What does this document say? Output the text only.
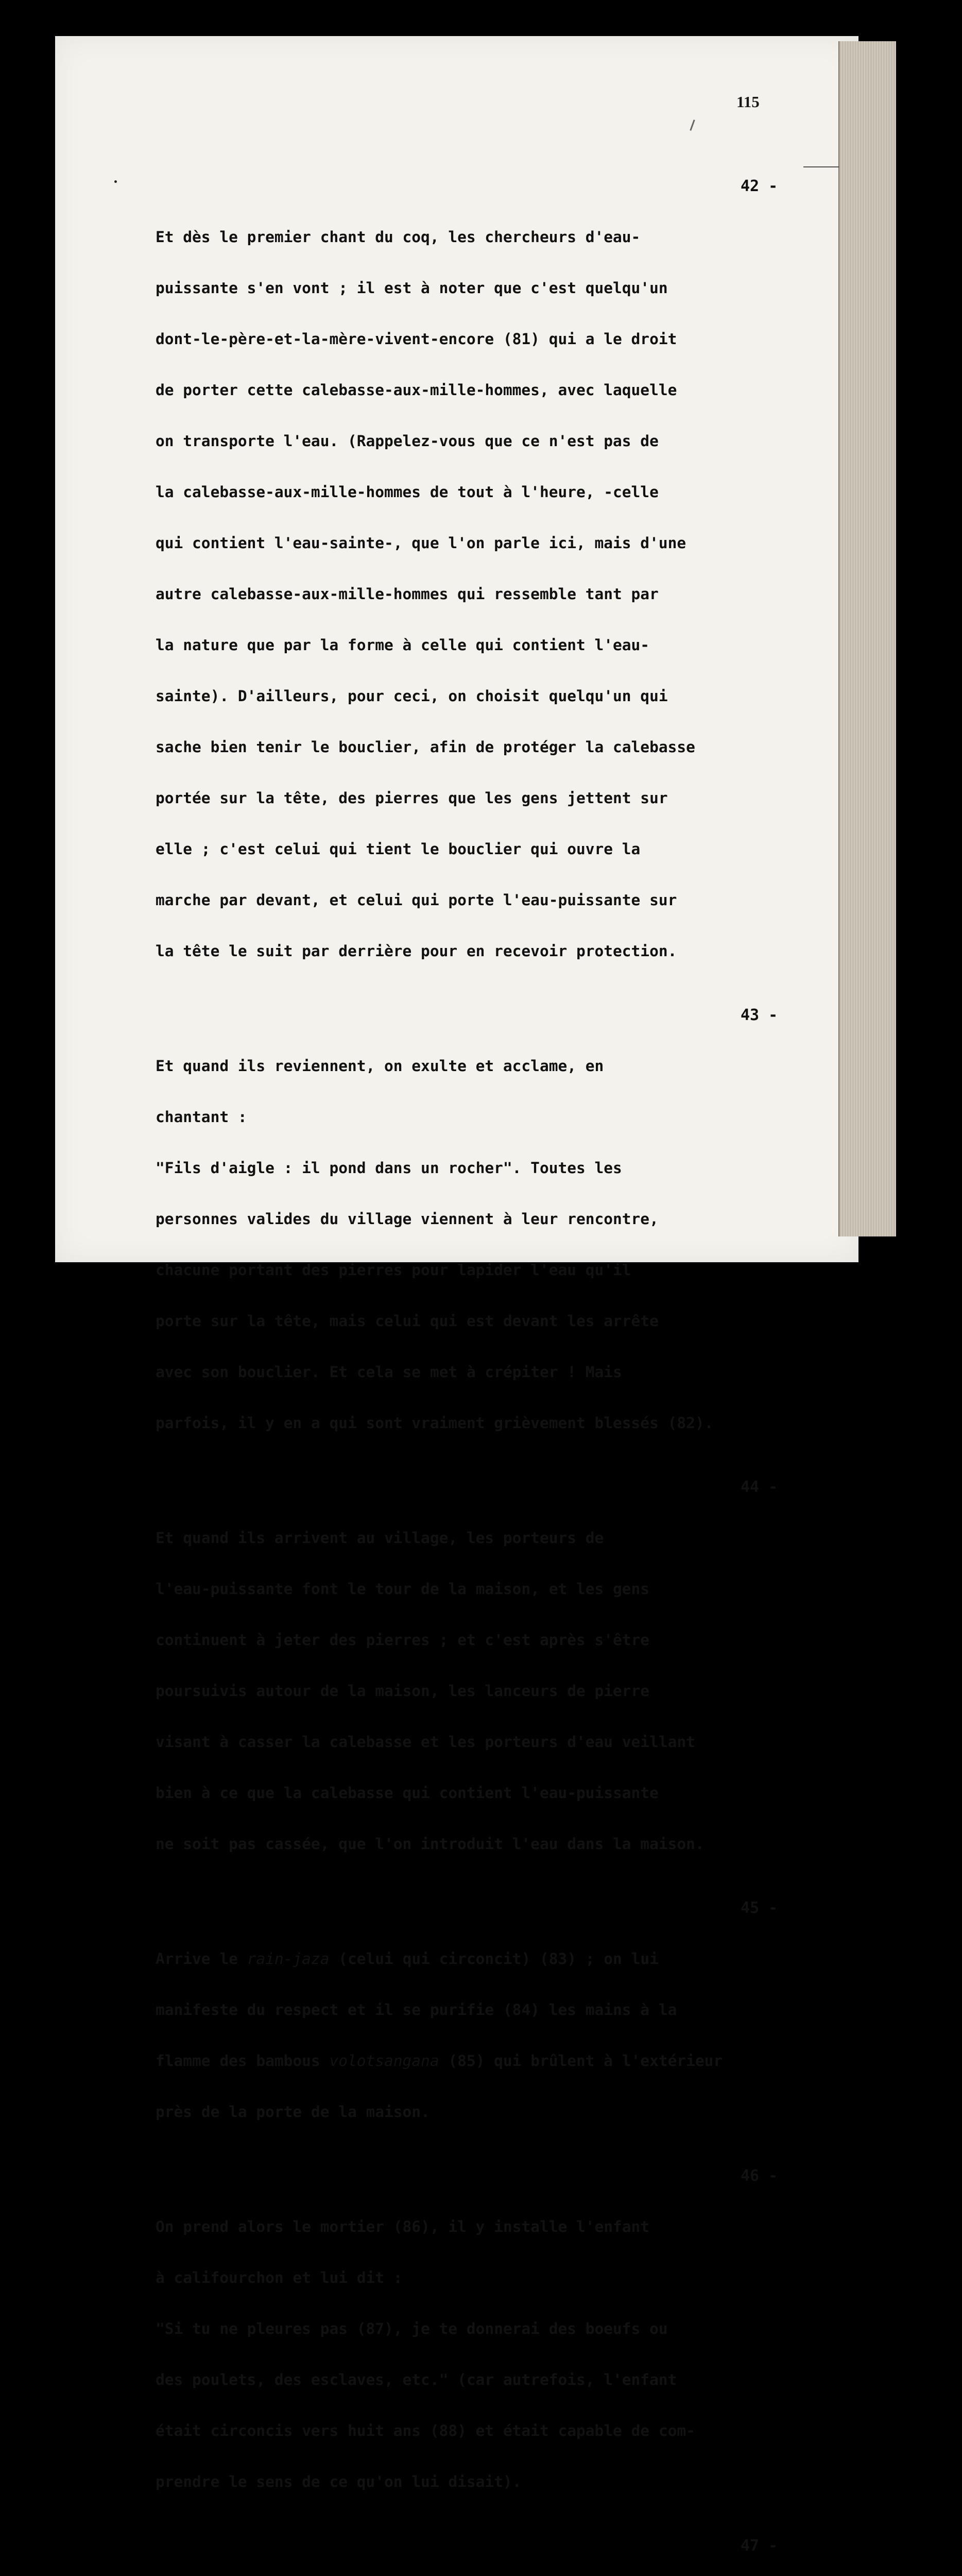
115

42 -

Et dès le premier chant du coq, les chercheurs d'eau-

puissante s'en vont ; il est à noter que c'est quelqu'un

dont-le-père-et-la-mère-vivent-encore (81) qui a le droit

de porter cette calebasse-aux-mille-hommes, avec laquelle

on transporte l'eau. (Rappelez-vous que ce n'est pas de

la calebasse-aux-mille-hommes de tout à l'heure, -celle

qui contient l'eau-sainte-, que l'on parle ici, mais d'une

autre calebasse-aux-mille-hommes qui ressemble tant par

la nature que par la forme à celle qui contient l'eau-

sainte). D'ailleurs, pour ceci, on choisit quelqu'un qui

sache bien tenir le bouclier, afin de protéger la calebasse

portée sur la tête, des pierres que les gens jettent sur

elle ; c'est celui qui tient le bouclier qui ouvre la

marche par devant, et celui qui porte l'eau-puissante sur

la tête le suit par derrière pour en recevoir protection.

43 -

Et quand ils reviennent, on exulte et acclame, en

chantant :

"Fils d'aigle : il pond dans un rocher". Toutes les

personnes valides du village viennent à leur rencontre,

chacune portant des pierres pour lapider l'eau qu'il

porte sur la tête, mais celui qui est devant les arrête

avec son bouclier. Et cela se met à crépiter ! Mais

parfois, il y en a qui sont vraiment grièvement blessés (82).

44 -

Et quand ils arrivent au village, les porteurs de

l'eau-puissante font le tour de la maison, et les gens

continuent à jeter des pierres ; et c'est après s'être

poursuivis autour de la maison, les lanceurs de pierre

visant à casser la calebasse et les porteurs d'eau veillant

bien à ce que la calebasse qui contient l'eau-puissante

ne soit pas cassée, que l'on introduit l'eau dans la maison.

45 -

Arrive le rain-jaza (celui qui circoncit) (83) ; on lui

manifeste du respect et il se purifie (84) les mains à la

flamme des bambous volotsangana (85) qui brûlent à l'extérieur

près de la porte de la maison.

46 -

On prend alors le mortier (86), il y installe l'enfant

à califourchon et lui dit :

"Si tu ne pleures pas (87), je te donnerai des boeufs ou

des poulets, des esclaves, etc." (car autrefois, l'enfant

était circoncis vers huit ans (88) et était capable de com-

prendre le sens de ce qu'on lui disait).

47 -
